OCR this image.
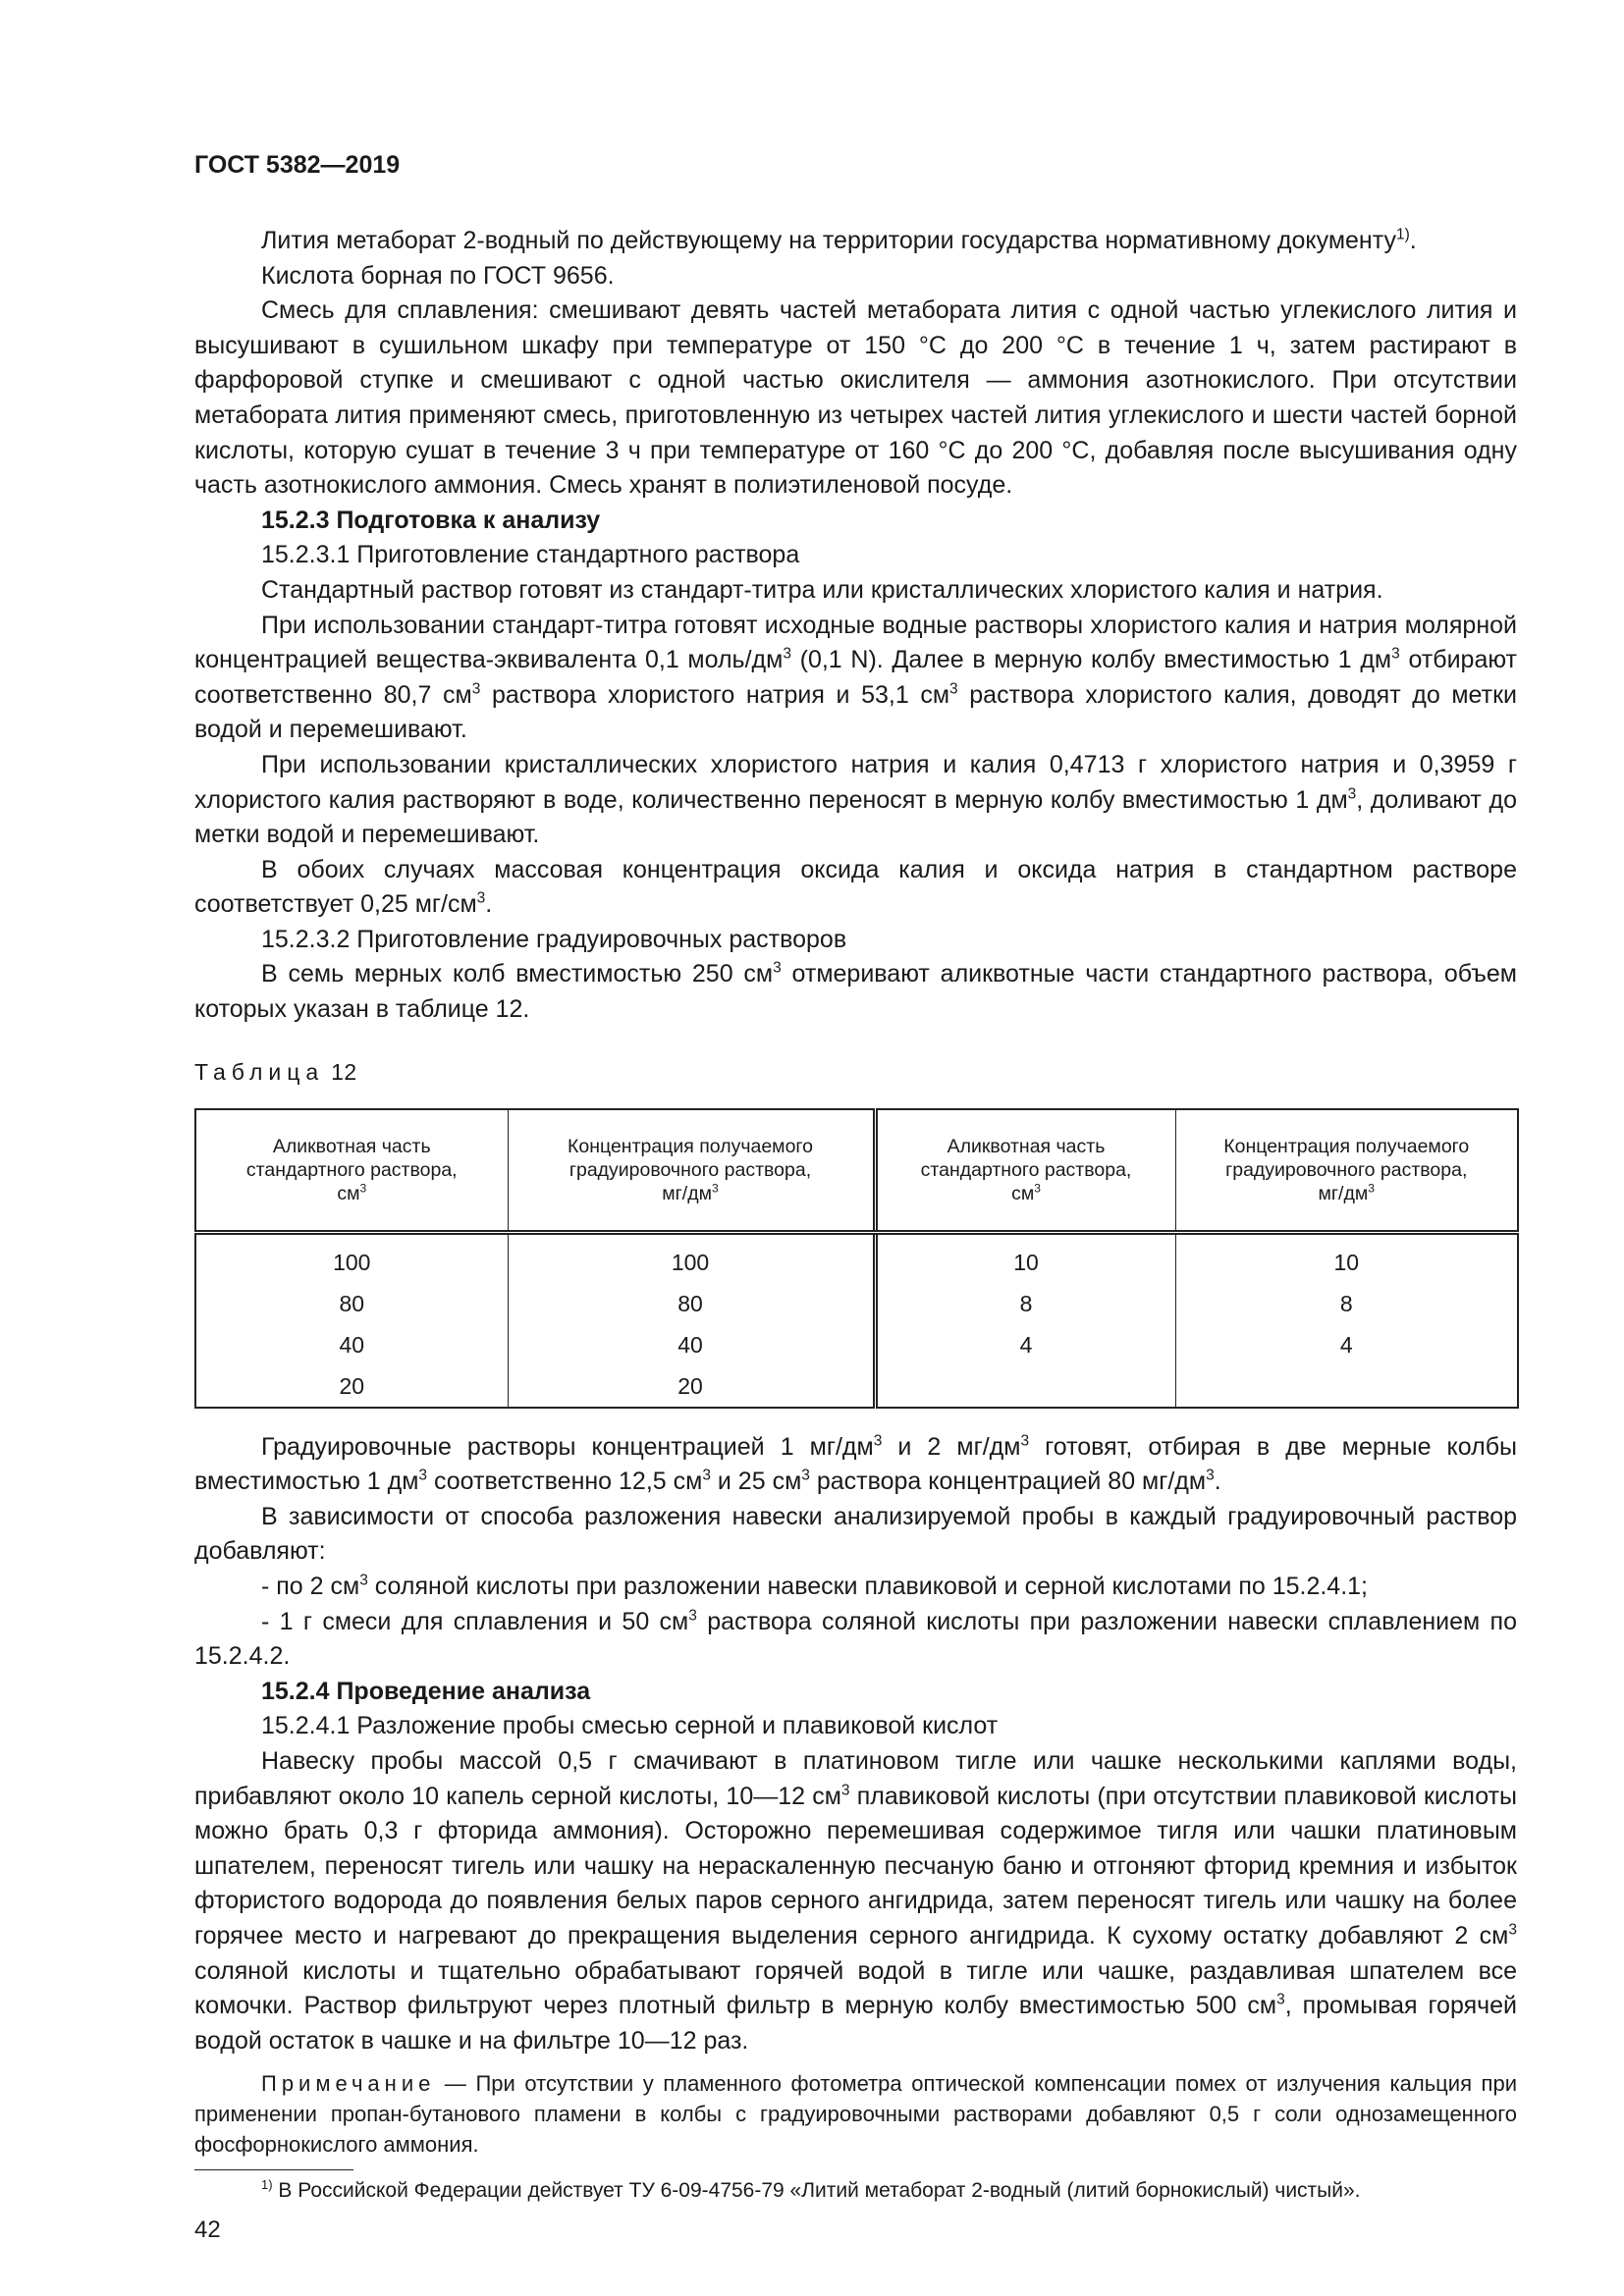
ГОСТ 5382—2019

Лития метаборат 2-водный по действующему на территории государства нормативному документу$^{1)}$.

Кислота борная по ГОСТ 9656.

Смесь для сплавления: смешивают девять частей метабората лития с одной частью углекислого лития и высушивают в сушильном шкафу при температуре от 150 °С до 200 °С в течение 1 ч, затем растирают в фарфоровой ступке и смешивают с одной частью окислителя — аммония азотнокислого. При отсутствии метабората лития применяют смесь, приготовленную из четырех частей лития углекислого и шести частей борной кислоты, которую сушат в течение 3 ч при температуре от 160 °С до 200 °С, добавляя после высушивания одну часть азотнокислого аммония. Смесь хранят в полиэтиленовой посуде.

15.2.3 Подготовка к анализу

15.2.3.1 Приготовление стандартного раствора

Стандартный раствор готовят из стандарт-титра или кристаллических хлористого калия и натрия.

При использовании стандарт-титра готовят исходные водные растворы хлористого калия и натрия молярной концентрацией вещества-эквивалента 0,1 моль/$дм^3$ (0,1 N). Далее в мерную колбу вместимостью 1 $дм^3$ отбирают соответственно 80,7 $см^3$ раствора хлористого натрия и 53,1 $см^3$ раствора хлористого калия, доводят до метки водой и перемешивают.

При использовании кристаллических хлористого натрия и калия 0,4713 г хлористого натрия и 0,3959 г хлористого калия растворяют в воде, количественно переносят в мерную колбу вместимостью 1 $дм^3$, доливают до метки водой и перемешивают.

В обоих случаях массовая концентрация оксида калия и оксида натрия в стандартном растворе соответствует 0,25 $мг/см^3$.

15.2.3.2 Приготовление градуировочных растворов

В семь мерных колб вместимостью 250 $см^3$ отмеривают аликвотные части стандартного раствора, объем которых указан в таблице 12.

Таблица 12
Аликвотная часть
стандартного раствора,
$см^3$	Концентрация получаемого
градуировочного раствора,
$мг/дм^3$	Аликвотная часть
стандартного раствора,
$см^3$	Концентрация получаемого
градуировочного раствора,
$мг/дм^3$
100	100	10	10
80	80	8	8
40	40	4	4
20	20		

Градуировочные растворы концентрацией 1 $мг/дм^3$ и 2 $мг/дм^3$ готовят, отбирая в две мерные колбы вместимостью 1 $дм^3$ соответственно 12,5 $см^3$ и 25 $см^3$ раствора концентрацией 80 $мг/дм^3$.

В зависимости от способа разложения навески анализируемой пробы в каждый градуировочный раствор добавляют:

- по 2 $см^3$ соляной кислоты при разложении навески плавиковой и серной кислотами по 15.2.4.1;

- 1 г смеси для сплавления и 50 $см^3$ раствора соляной кислоты при разложении навески сплавлением по 15.2.4.2.

15.2.4 Проведение анализа

15.2.4.1 Разложение пробы смесью серной и плавиковой кислот

Навеску пробы массой 0,5 г смачивают в платиновом тигле или чашке несколькими каплями воды, прибавляют около 10 капель серной кислоты, 10—12 $см^3$ плавиковой кислоты (при отсутствии плавиковой кислоты можно брать 0,3 г фторида аммония). Осторожно перемешивая содержимое тигля или чашки платиновым шпателем, переносят тигель или чашку на нераскаленную песчаную баню и отгоняют фторид кремния и избыток фтористого водорода до появления белых паров серного ангидрида, затем переносят тигель или чашку на более горячее место и нагревают до прекращения выделения серного ангидрида. К сухому остатку добавляют 2 $см^3$ соляной кислоты и тщательно обрабатывают горячей водой в тигле или чашке, раздавливая шпателем все комочки. Раствор фильтруют через плотный фильтр в мерную колбу вместимостью 500 $см^3$, промывая горячей водой остаток в чашке и на фильтре 10—12 раз.

Примечание — При отсутствии у пламенного фотометра оптической компенсации помех от излучения кальция при применении пропан-бутанового пламени в колбы с градуировочными растворами добавляют 0,5 г соли однозамещенного фосфорнокислого аммония.
$^{1)}$ В Российской Федерации действует ТУ 6-09-4756-79 «Литий метаборат 2-водный (литий борнокислый) чистый».
42
